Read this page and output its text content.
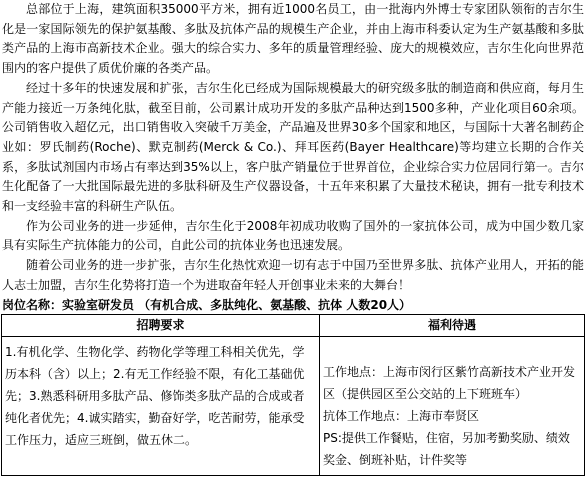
总部位于上海，建筑面积35000平方米，拥有近1000名员工，由一批海内外博士专家团队领衔的吉尔生化是一家国际领先的保护氨基酸、多肽及抗体产品的规模生产企业，并由上海市科委认定为生产氨基酸和多肽类产品的上海市高新技术企业。强大的综合实力、多年的质量管理经验、庞大的规模效应，吉尔生化向世界范围内的客户提供了质优价廉的各类产品。

经过十多年的快速发展和扩张，吉尔生化已经成为国际规模最大的研究级多肽的制造商和供应商，每月生产能力接近一万条纯化肽，截至目前，公司累计成功开发的多肽产品种达到1500多种，产业化项目60余项。公司销售收入超亿元，出口销售收入突破千万美金，产品遍及世界30多个国家和地区，与国际十大著名制药企业如：罗氏制药(Roche)、默克制药(Merck & Co.)、拜耳医药(Bayer Healthcare)等均建立长期的合作关系，多肽试剂国内市场占有率达到35%以上，客户肽产销量位于世界首位，企业综合实力位居同行第一。吉尔生化配备了一大批国际最先进的多肽科研及生产仪器设备，十五年来积累了大量技术秘诀，拥有一批专利技术和一支经验丰富的科研生产队伍。

作为公司业务的进一步延伸，吉尔生化于2008年初成功收购了国外的一家抗体公司，成为中国少数几家具有实际生产抗体能力的公司，自此公司的抗体业务也迅速发展。

随着公司业务的进一步扩张，吉尔生化热忱欢迎一切有志于中国乃至世界多肽、抗体产业用人，开拓的能人志士加盟，吉尔生化势将打造一个为进取奋年轻人开创事业未来的大舞台！

岗位名称：实验室研发员 （有机合成、多肽纯化、氨基酸、抗体 人数20人）
招聘要求	福利待遇

1.有机化学、生物化学、药物化学等理工科相关优先，学历本科（含）以上；2.有无工作经验不限，有化工基础优先；3.熟悉科研用多肽产品、修饰类多肽产品的合成或者纯化者优先；4.诚实踏实，勤奋好学，吃苦耐劳，能承受工作压力，适应三班倒，做五休二。	工作地点：上海市闵行区紫竹高新技术产业开发区（提供园区至公交站的上下班班车）
抗体工作地点：上海市奉贤区
PS:提供工作餐贴，住宿，另加考勤奖励、绩效奖金、倒班补贴，计件奖等
